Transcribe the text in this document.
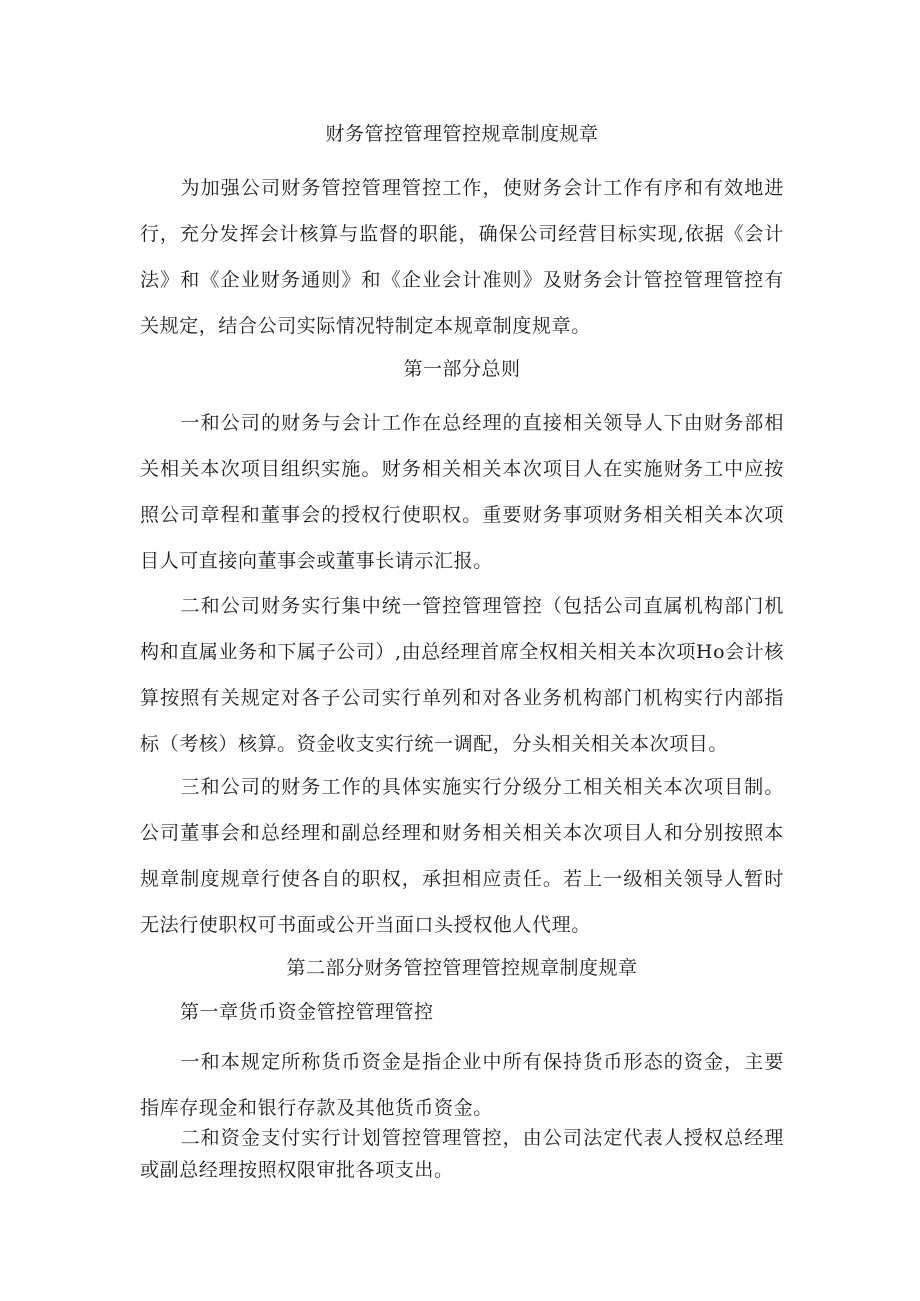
财务管控管理管控规章制度规章

为加强公司财务管控管理管控工作，使财务会计工作有序和有效地进行，充分发挥会计核算与监督的职能，确保公司经营目标实现,依据《会计法》和《企业财务通则》和《企业会计准则》及财务会计管控管理管控有关规定，结合公司实际情况特制定本规章制度规章。

第一部分总则

一和公司的财务与会计工作在总经理的直接相关领导人下由财务部相关相关本次项目组织实施。财务相关相关本次项目人在实施财务工中应按照公司章程和董事会的授权行使职权。重要财务事项财务相关相关本次项目人可直接向董事会或董事长请示汇报。

二和公司财务实行集中统一管控管理管控（包括公司直属机构部门机构和直属业务和下属子公司）,由总经理首席全权相关相关本次项Ho会计核算按照有关规定对各子公司实行单列和对各业务机构部门机构实行内部指标（考核）核算。资金收支实行统一调配，分头相关相关本次项目。

三和公司的财务工作的具体实施实行分级分工相关相关本次项目制。公司董事会和总经理和副总经理和财务相关相关本次项目人和分别按照本规章制度规章行使各自的职权，承担相应责任。若上一级相关领导人暂时无法行使职权可书面或公开当面口头授权他人代理。

第二部分财务管控管理管控规章制度规章
第一章货币资金管控管理管控

一和本规定所称货币资金是指企业中所有保持货币形态的资金，主要指库存现金和银行存款及其他货币资金。

二和资金支付实行计划管控管理管控，由公司法定代表人授权总经理或副总经理按照权限审批各项支出。
